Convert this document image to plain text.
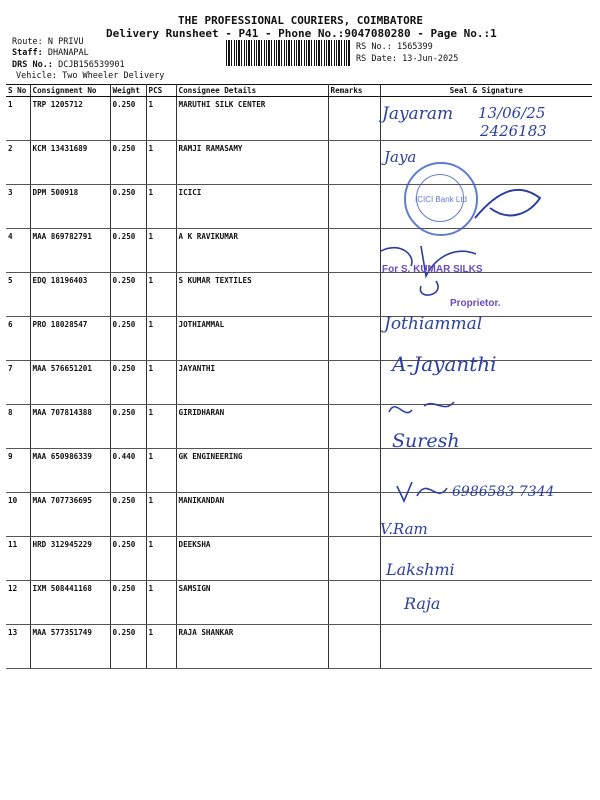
THE PROFESSIONAL COURIERS, COIMBATORE
Delivery Runsheet - P41 - Phone No.:9047080280 - Page No.:1
Route: N PRIVU
Staff: DHANAPAL
DRS No.: DCJB156539901
Vehicle: Two Wheeler Delivery
RS No.: 1565399
RS Date: 13-Jun-2025
S No	Consignment No	Weight	PCS	Consignee Details	Remarks	Seal & Signature
1	TRP 1205712	0.250	1	MARUTHI SILK CENTER		
2	KCM 13431689	0.250	1	RAMJI RAMASAMY		
3	DPM 500918	0.250	1	ICICI		
4	MAA 869782791	0.250	1	A K RAVIKUMAR		
5	EDQ 18196403	0.250	1	S KUMAR TEXTILES		
6	PRO 18028547	0.250	1	JOTHIAMMAL		
7	MAA 576651201	0.250	1	JAYANTHI		
8	MAA 707814388	0.250	1	GIRIDHARAN		
9	MAA 650986339	0.440	1	GK ENGINEERING		
10	MAA 707736695	0.250	1	MANIKANDAN		
11	HRD 312945229	0.250	1	DEEKSHA		
12	IXM 508441168	0.250	1	SAMSIGN		
13	MAA 577351749	0.250	1	RAJA SHANKAR		
Jayaram 13/06/25
2426183
Jaya
ICICI Bank Ltd
For S. KUMAR SILKS
Proprietor.
Jothiammal
A-Jayanthi
Suresh
6986583 7344
V.Ram
Lakshmi
Raja
